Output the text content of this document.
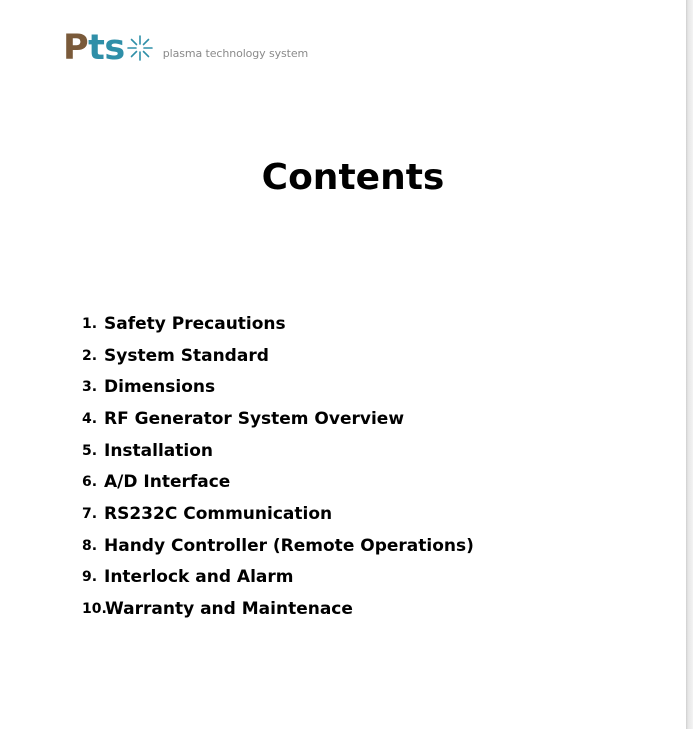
Pts	plasma technology system
Contents
1. Safety Precautions
2. System Standard
3. Dimensions
4. RF Generator System Overview
5. Installation
6. A/D Interface
7. RS232C Communication
8. Handy Controller (Remote Operations)
9. Interlock and Alarm
10.
Warranty and Maintenace
